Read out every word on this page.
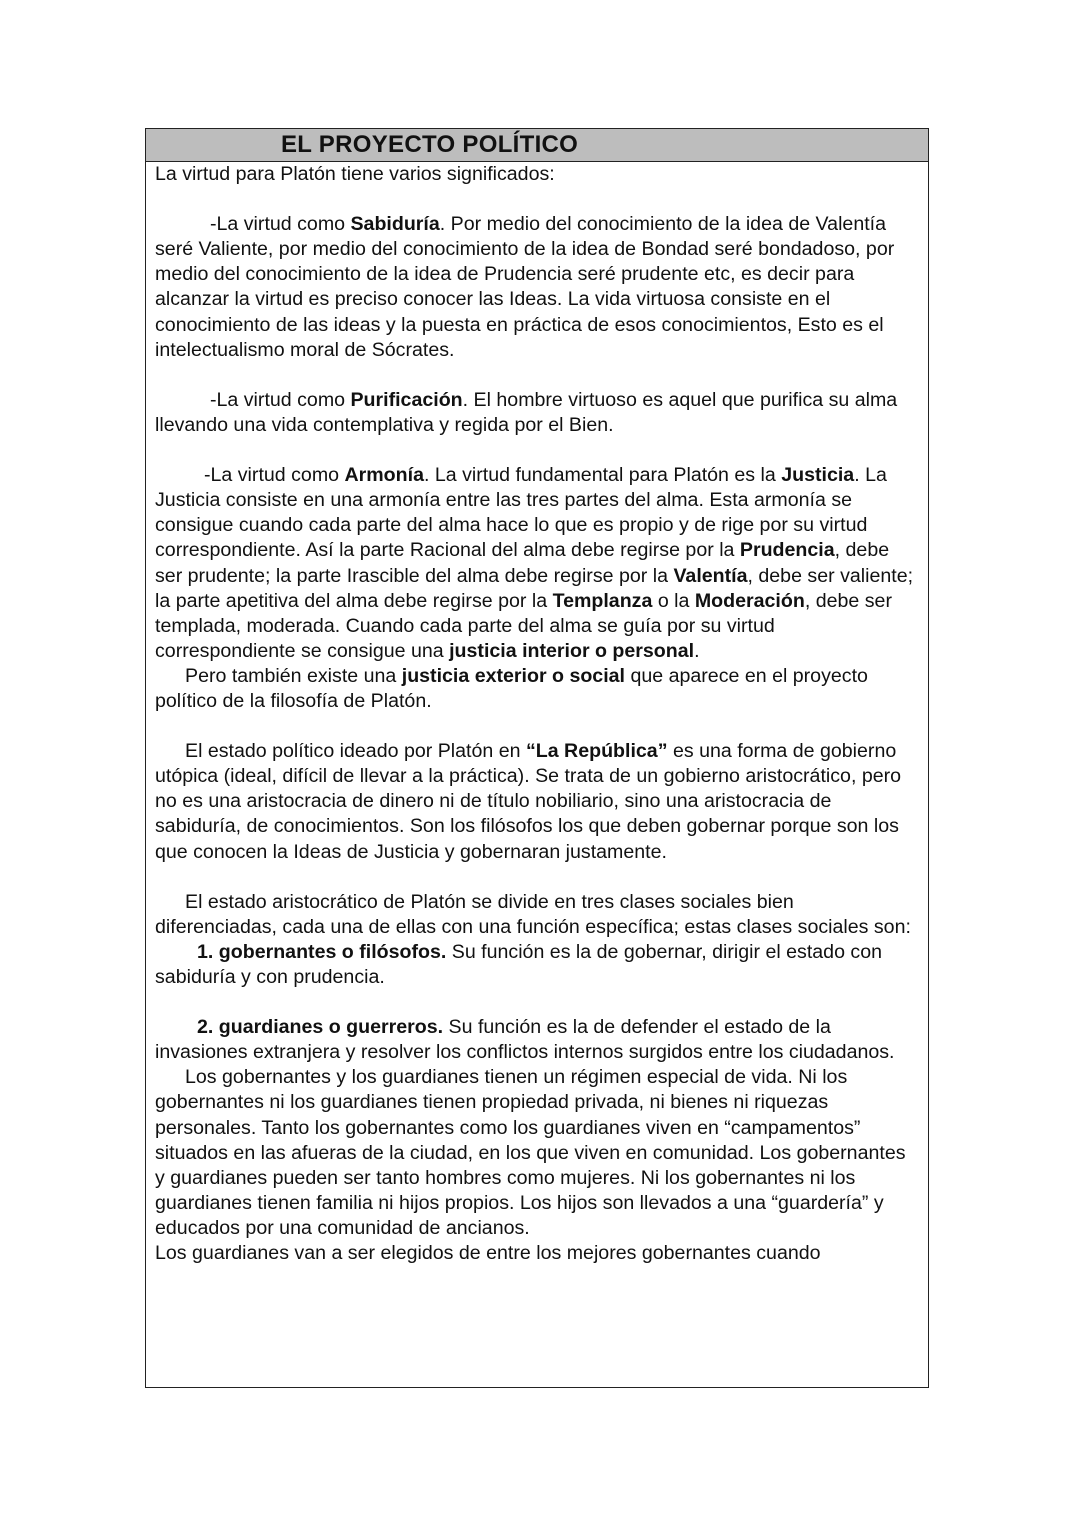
EL PROYECTO POLÍTICO

La virtud para Platón tiene varios significados:

-La virtud como Sabiduría. Por medio del conocimiento de la idea de Valentía seré Valiente, por medio del conocimiento de la idea de Bondad seré bondadoso, por medio del conocimiento de la idea de Prudencia seré prudente etc, es decir para alcanzar la virtud es preciso conocer las Ideas. La vida virtuosa consiste en el conocimiento de las ideas y la puesta en práctica de esos conocimientos, Esto es el intelectualismo moral de Sócrates.

-La virtud como Purificación. El hombre virtuoso es aquel que purifica su alma llevando una vida contemplativa y regida por el Bien.

-La virtud como Armonía. La virtud fundamental para Platón es la Justicia. La Justicia consiste en una armonía entre las tres partes del alma. Esta armonía se consigue cuando cada parte del alma hace lo que es propio y de rige por su virtud correspondiente. Así la parte Racional del alma debe regirse por la Prudencia, debe ser prudente; la parte Irascible del alma debe regirse por la Valentía, debe ser valiente; la parte apetitiva del alma debe regirse por la Templanza o la Moderación, debe ser templada, moderada. Cuando cada parte del alma se guía por su virtud correspondiente se consigue una justicia interior o personal.

Pero también existe una justicia exterior o social que aparece en el proyecto político de la filosofía de Platón.

El estado político ideado por Platón en “La República” es una forma de gobierno utópica (ideal, difícil de llevar a la práctica). Se trata de un gobierno aristocrático, pero no es una aristocracia de dinero ni de título nobiliario, sino una aristocracia de sabiduría, de conocimientos. Son los filósofos los que deben gobernar porque son los que conocen la Ideas de Justicia y gobernaran justamente.

El estado aristocrático de Platón se divide en tres clases sociales bien diferenciadas, cada una de ellas con una función específica; estas clases sociales son:

1. gobernantes o filósofos. Su función es la de gobernar, dirigir el estado con sabiduría y con prudencia.

2. guardianes o guerreros. Su función es la de defender el estado de la invasiones extranjera y resolver los conflictos internos surgidos entre los ciudadanos.

Los gobernantes y los guardianes tienen un régimen especial de vida. Ni los gobernantes ni los guardianes tienen propiedad privada, ni bienes ni riquezas personales. Tanto los gobernantes como los guardianes viven en “campamentos” situados en las afueras de la ciudad, en los que viven en comunidad. Los gobernantes y guardianes pueden ser tanto hombres como mujeres. Ni los gobernantes ni los guardianes tienen familia ni hijos propios. Los hijos son llevados a una “guardería” y educados por una comunidad de ancianos.

Los guardianes van a ser elegidos de entre los mejores gobernantes cuando
